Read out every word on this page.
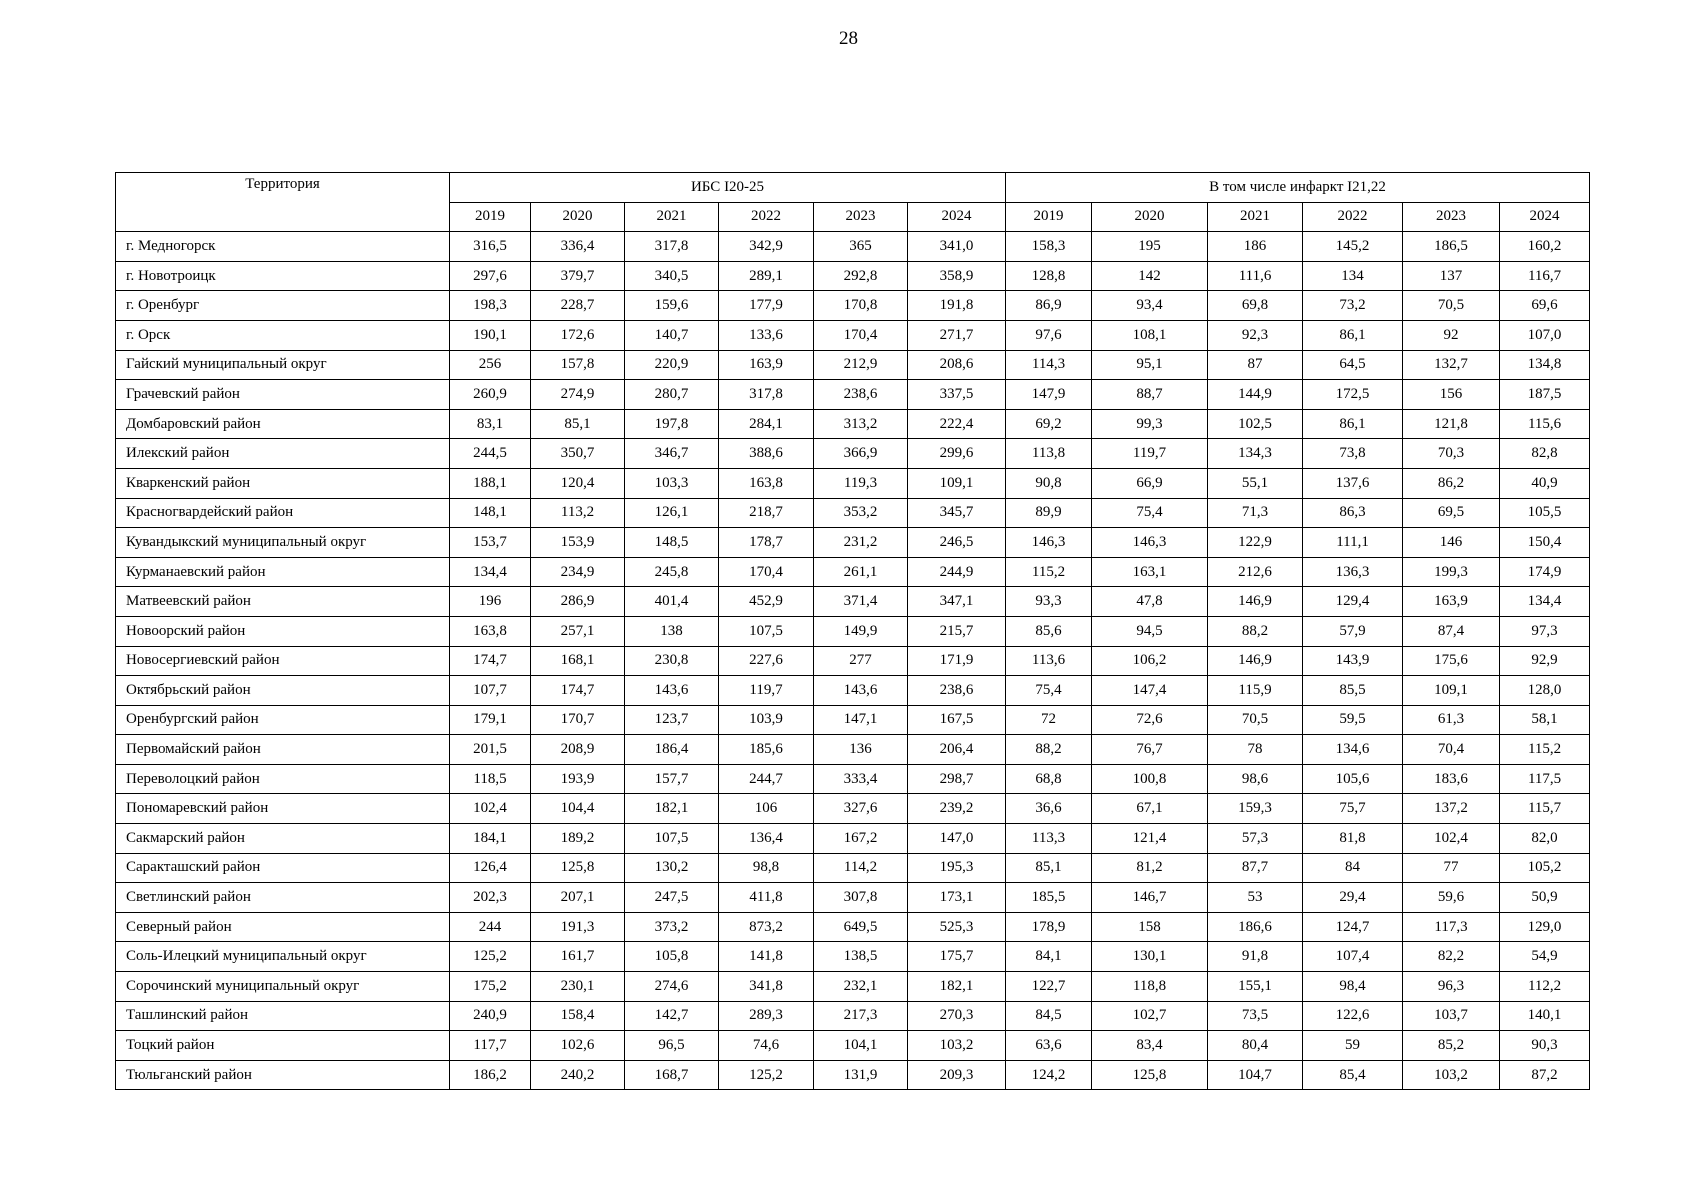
28
Территория	ИБС I20-25						В том числе инфаркт I21,22					
	2019	2020	2021	2022	2023	2024	2019	2020	2021	2022	2023	2024
г. Медногорск	316,5	336,4	317,8	342,9	365	341,0	158,3	195	186	145,2	186,5	160,2
г. Новотроицк	297,6	379,7	340,5	289,1	292,8	358,9	128,8	142	111,6	134	137	116,7
г. Оренбург	198,3	228,7	159,6	177,9	170,8	191,8	86,9	93,4	69,8	73,2	70,5	69,6
г. Орск	190,1	172,6	140,7	133,6	170,4	271,7	97,6	108,1	92,3	86,1	92	107,0
Гайский муниципальный округ	256	157,8	220,9	163,9	212,9	208,6	114,3	95,1	87	64,5	132,7	134,8
Грачевский район	260,9	274,9	280,7	317,8	238,6	337,5	147,9	88,7	144,9	172,5	156	187,5
Домбаровский район	83,1	85,1	197,8	284,1	313,2	222,4	69,2	99,3	102,5	86,1	121,8	115,6
Илекский район	244,5	350,7	346,7	388,6	366,9	299,6	113,8	119,7	134,3	73,8	70,3	82,8
Кваркенский район	188,1	120,4	103,3	163,8	119,3	109,1	90,8	66,9	55,1	137,6	86,2	40,9
Красногвардейский район	148,1	113,2	126,1	218,7	353,2	345,7	89,9	75,4	71,3	86,3	69,5	105,5
Кувандыкский муниципальный округ	153,7	153,9	148,5	178,7	231,2	246,5	146,3	146,3	122,9	111,1	146	150,4
Курманаевский район	134,4	234,9	245,8	170,4	261,1	244,9	115,2	163,1	212,6	136,3	199,3	174,9
Матвеевский район	196	286,9	401,4	452,9	371,4	347,1	93,3	47,8	146,9	129,4	163,9	134,4
Новоорский район	163,8	257,1	138	107,5	149,9	215,7	85,6	94,5	88,2	57,9	87,4	97,3
Новосергиевский район	174,7	168,1	230,8	227,6	277	171,9	113,6	106,2	146,9	143,9	175,6	92,9
Октябрьский район	107,7	174,7	143,6	119,7	143,6	238,6	75,4	147,4	115,9	85,5	109,1	128,0
Оренбургский район	179,1	170,7	123,7	103,9	147,1	167,5	72	72,6	70,5	59,5	61,3	58,1
Первомайский район	201,5	208,9	186,4	185,6	136	206,4	88,2	76,7	78	134,6	70,4	115,2
Переволоцкий район	118,5	193,9	157,7	244,7	333,4	298,7	68,8	100,8	98,6	105,6	183,6	117,5
Пономаревский район	102,4	104,4	182,1	106	327,6	239,2	36,6	67,1	159,3	75,7	137,2	115,7
Сакмарский район	184,1	189,2	107,5	136,4	167,2	147,0	113,3	121,4	57,3	81,8	102,4	82,0
Саракташский район	126,4	125,8	130,2	98,8	114,2	195,3	85,1	81,2	87,7	84	77	105,2
Светлинский район	202,3	207,1	247,5	411,8	307,8	173,1	185,5	146,7	53	29,4	59,6	50,9
Северный район	244	191,3	373,2	873,2	649,5	525,3	178,9	158	186,6	124,7	117,3	129,0
Соль-Илецкий муниципальный округ	125,2	161,7	105,8	141,8	138,5	175,7	84,1	130,1	91,8	107,4	82,2	54,9
Сорочинский муниципальный округ	175,2	230,1	274,6	341,8	232,1	182,1	122,7	118,8	155,1	98,4	96,3	112,2
Ташлинский район	240,9	158,4	142,7	289,3	217,3	270,3	84,5	102,7	73,5	122,6	103,7	140,1
Тоцкий район	117,7	102,6	96,5	74,6	104,1	103,2	63,6	83,4	80,4	59	85,2	90,3
Тюльганский район	186,2	240,2	168,7	125,2	131,9	209,3	124,2	125,8	104,7	85,4	103,2	87,2
